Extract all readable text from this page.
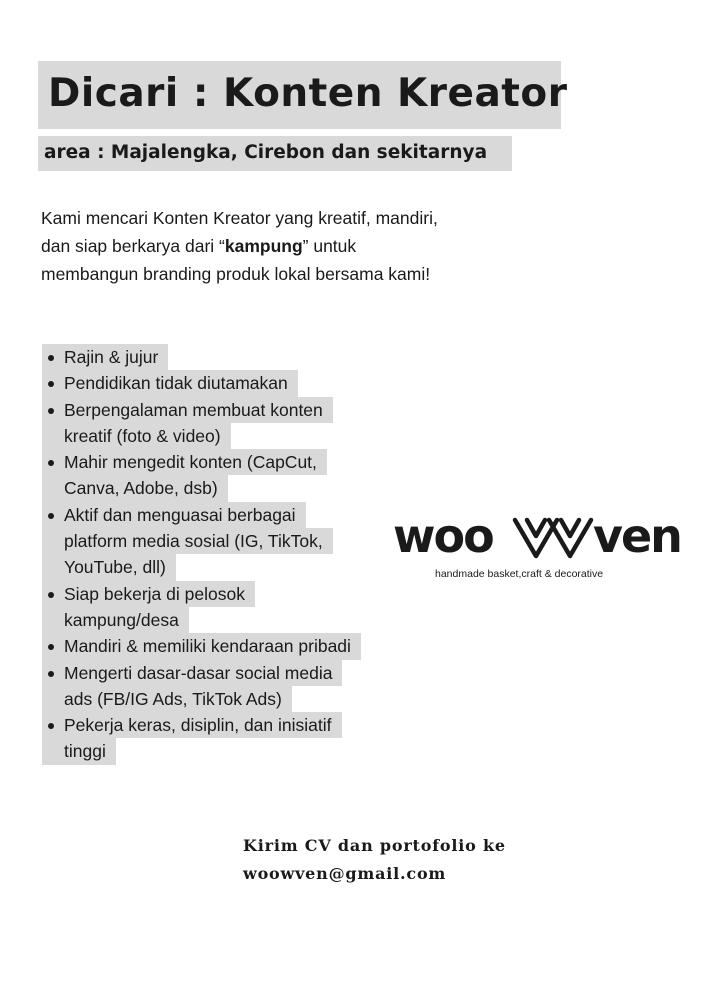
Dicari : Konten Kreator
area : Majalengka, Cirebon dan sekitarnya
Kami mencari Konten Kreator yang kreatif, mandiri,
dan siap berkarya dari “kampung” untuk
membangun branding produk lokal bersama kami!
Rajin & jujur
Pendidikan tidak diutamakan
Berpengalaman membuat konten
kreatif (foto & video)
Mahir mengedit konten (CapCut,
Canva, Adobe, dsb)
Aktif dan menguasai berbagai
platform media sosial (IG, TikTok,
YouTube, dll)
Siap bekerja di pelosok
kampung/desa
Mandiri & memiliki kendaraan pribadi
Mengerti dasar-dasar social media
ads (FB/IG Ads, TikTok Ads)
Pekerja keras, disiplin, dan inisiatif
tinggi
woo ven
handmade basket,craft & decorative
Kirim CV dan portofolio ke
woowven@gmail.com
